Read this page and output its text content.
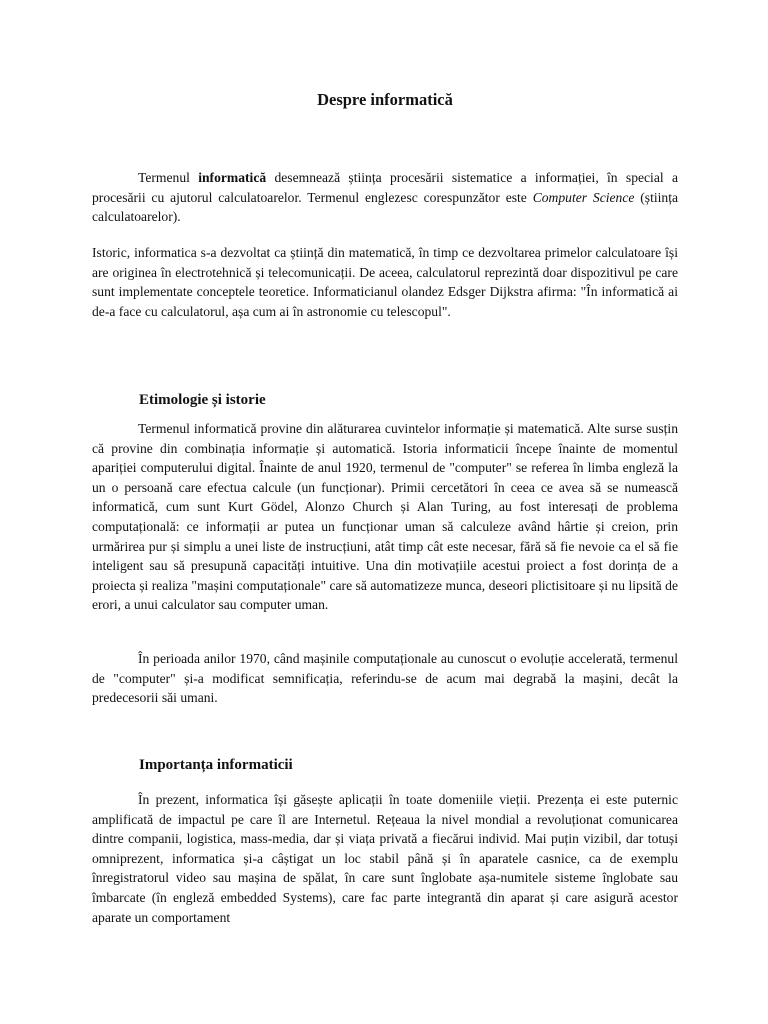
Despre informatică

Termenul informatică desemnează știința procesării sistematice a informației, în special a procesării cu ajutorul calculatoarelor. Termenul englezesc corespunzător este Computer Science (știința calculatoarelor).

Istoric, informatica s-a dezvoltat ca știință din matematică, în timp ce dezvoltarea primelor calculatoare își are originea în electrotehnică și telecomunicații. De aceea, calculatorul reprezintă doar dispozitivul pe care sunt implementate conceptele teoretice. Informaticianul olandez Edsger Dijkstra afirma: "În informatică ai de-a face cu calculatorul, așa cum ai în astronomie cu telescopul".

Etimologie și istorie

Termenul informatică provine din alăturarea cuvintelor informație și matematică. Alte surse susțin că provine din combinația informație și automatică. Istoria informaticii începe înainte de momentul apariției computerului digital. Înainte de anul 1920, termenul de "computer" se referea în limba engleză la un o persoană care efectua calcule (un funcționar). Primii cercetători în ceea ce avea să se numească informatică, cum sunt Kurt Gödel, Alonzo Church și Alan Turing, au fost interesați de problema computațională: ce informații ar putea un funcționar uman să calculeze având hârtie și creion, prin urmărirea pur și simplu a unei liste de instrucțiuni, atât timp cât este necesar, fără să fie nevoie ca el să fie inteligent sau să presupună capacități intuitive. Una din motivațiile acestui proiect a fost dorința de a proiecta și realiza "mașini computaționale" care să automatizeze munca, deseori plictisitoare și nu lipsită de erori, a unui calculator sau computer uman.

În perioada anilor 1970, când mașinile computaționale au cunoscut o evoluție accelerată, termenul de "computer" și-a modificat semnificația, referindu-se de acum mai degrabă la mașini, decât la predecesorii săi umani.

Importanța informaticii

În prezent, informatica își găsește aplicații în toate domeniile vieții. Prezența ei este puternic amplificată de impactul pe care îl are Internetul. Rețeaua la nivel mondial a revoluționat comunicarea dintre companii, logistica, mass-media, dar și viața privată a fiecărui individ. Mai puțin vizibil, dar totuși omniprezent, informatica și-a câștigat un loc stabil până și în aparatele casnice, ca de exemplu înregistratorul video sau mașina de spălat, în care sunt înglobate așa-numitele sisteme înglobate sau îmbarcate (în engleză embedded Systems), care fac parte integrantă din aparat și care asigură acestor aparate un comportament
